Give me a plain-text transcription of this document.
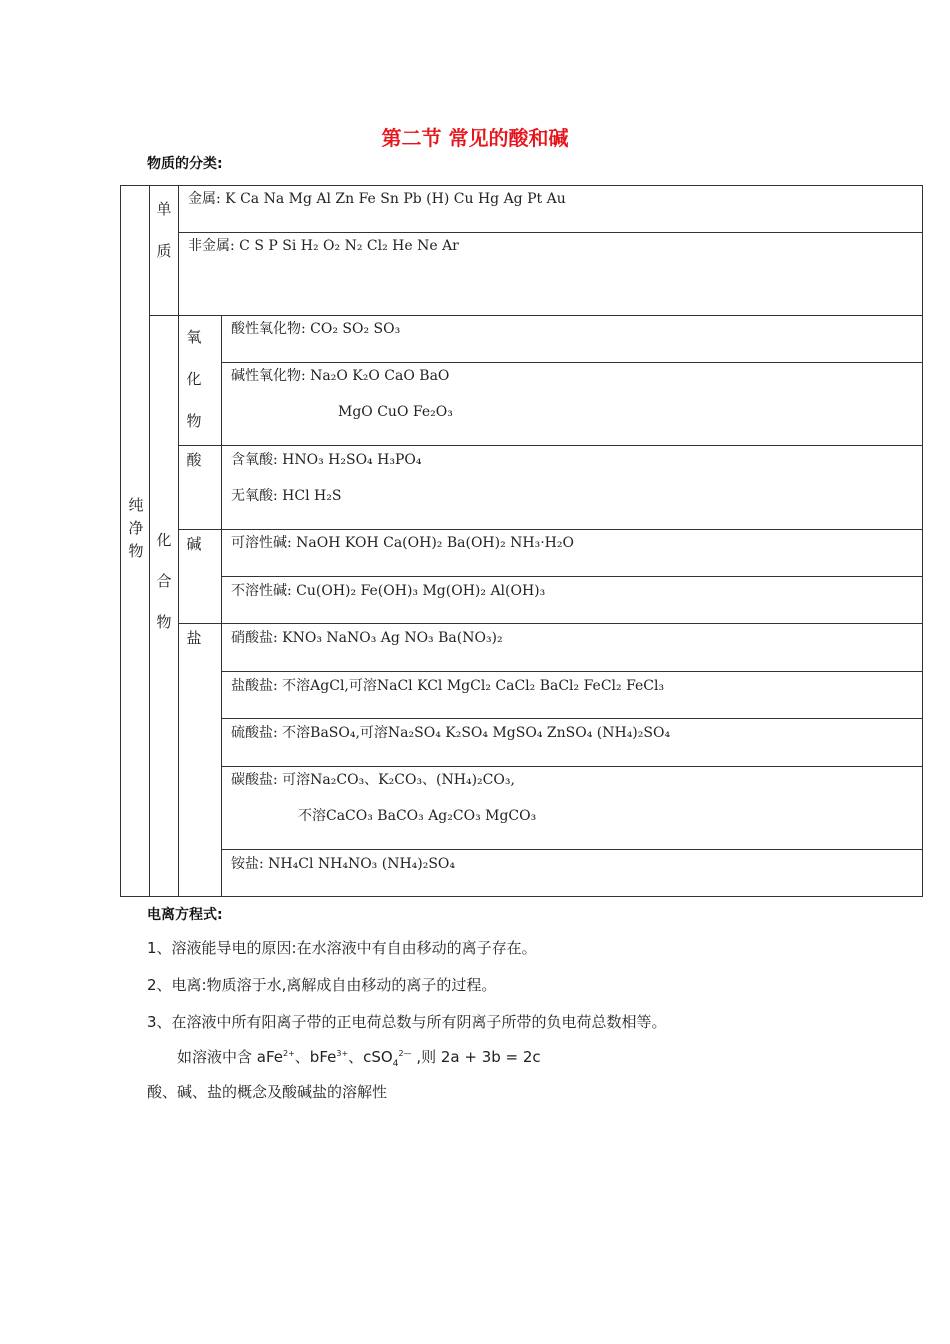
第二节 常见的酸和碱
物质的分类:
纯
净
物
单
质
化
合
物
氧
化
物
酸
碱
盐
金属: K Ca Na Mg Al Zn Fe Sn Pb (H) Cu Hg Ag Pt Au
非金属: C S P Si H₂ O₂ N₂ Cl₂ He Ne Ar
酸性氧化物: CO₂ SO₂ SO₃
碱性氧化物: Na₂O K₂O CaO BaO
MgO CuO Fe₂O₃
含氧酸: HNO₃ H₂SO₄ H₃PO₄
无氧酸: HCl H₂S
可溶性碱: NaOH KOH Ca(OH)₂ Ba(OH)₂ NH₃·H₂O
不溶性碱: Cu(OH)₂ Fe(OH)₃ Mg(OH)₂ Al(OH)₃
硝酸盐: KNO₃ NaNO₃ Ag NO₃ Ba(NO₃)₂
盐酸盐: 不溶AgCl,可溶NaCl KCl MgCl₂ CaCl₂ BaCl₂ FeCl₂ FeCl₃
硫酸盐: 不溶BaSO₄,可溶Na₂SO₄ K₂SO₄ MgSO₄ ZnSO₄ (NH₄)₂SO₄
碳酸盐: 可溶Na₂CO₃、K₂CO₃、(NH₄)₂CO₃,
不溶CaCO₃ BaCO₃ Ag₂CO₃ MgCO₃
铵盐: NH₄Cl NH₄NO₃ (NH₄)₂SO₄
电离方程式:
1、溶液能导电的原因:在水溶液中有自由移动的离子存在。
2、电离:物质溶于水,离解成自由移动的离子的过程。
3、在溶液中所有阳离子带的正电荷总数与所有阴离子所带的负电荷总数相等。
如溶液中含 aFe$^{2+}$、bFe$^{3+}$、cSO$_4^{2—}$ ,则 2a + 3b = 2c
酸、碱、盐的概念及酸碱盐的溶解性
